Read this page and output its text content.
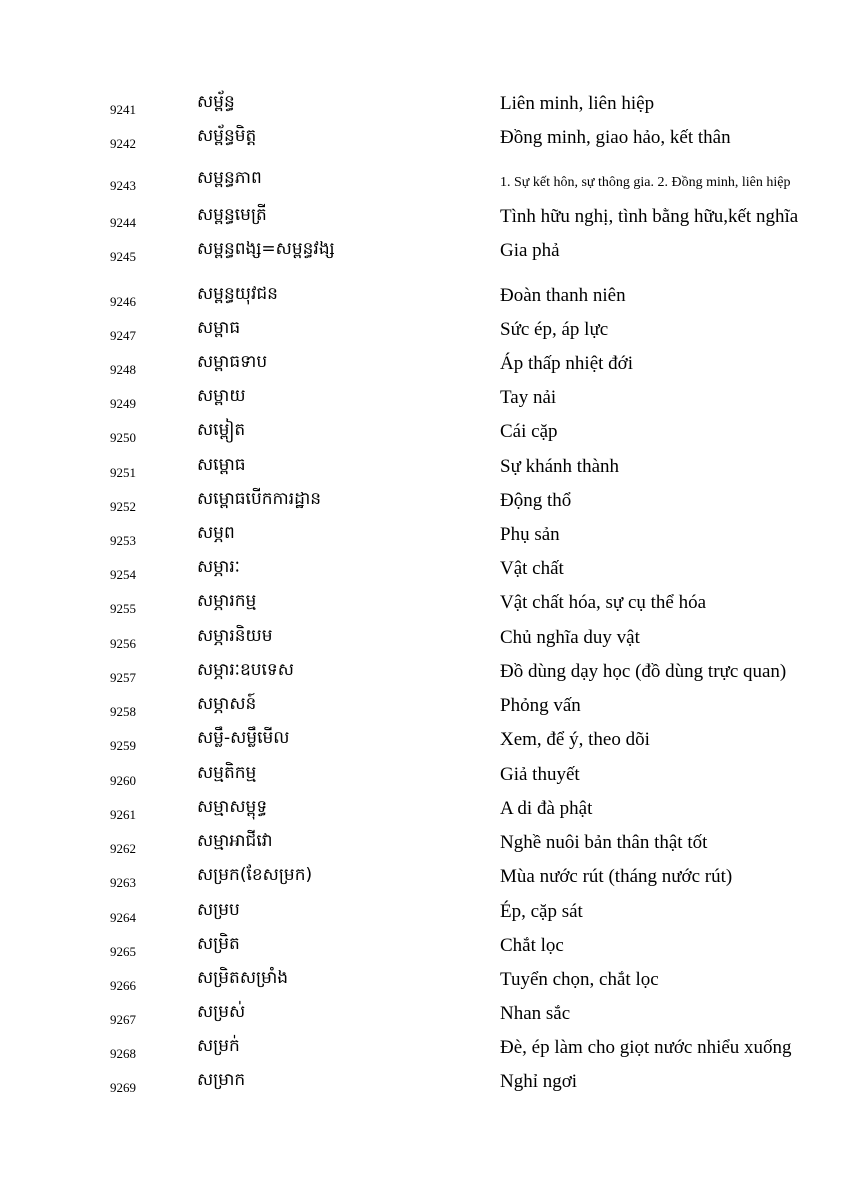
9241	សម្ព័ន្ធ	Liên minh, liên hiệp
9242	សម្ព័ន្ធមិត្ត	Đồng minh, giao hảo, kết thân
9243	សម្ពន្ធភាព	1. Sự kết hôn, sự thông gia. 2. Đồng minh, liên hiệp
9244	សម្ពន្ធមេត្រី	Tình hữu nghị, tình bằng hữu,kết nghĩa
9245	សម្ពន្ធពង្ស=សម្ពន្ធវង្ស	Gia phả
9246	សម្ពន្ធយុវជន	Đoàn thanh niên
9247	សម្ពាធ	Sức ép, áp lực
9248	សម្ពាធទាប	Áp thấp nhiệt đới
9249	សម្ពាយ	Tay nải
9250	សម្ពៀត	Cái cặp
9251	សម្ពោធ	Sự khánh thành
9252	សម្ពោធបើកការដ្ឋាន	Động thổ
9253	សម្ភព	Phụ sản
9254	សម្ភារៈ	Vật chất
9255	សម្ភារកម្ម	Vật chất hóa, sự cụ thể hóa
9256	សម្ភារនិយម	Chủ nghĩa duy vật
9257	សម្ភារៈឧបទេស	Đồ dùng dạy học (đồ dùng trực quan)
9258	សម្ភាសន៍	Phỏng vấn
9259	សម្លឹ-សម្លឹមើល	Xem, để ý, theo dõi
9260	សម្មតិកម្ម	Giả thuyết
9261	សម្មាសម្ពុទ្ធ	A di đà phật
9262	សម្មាអាជីវោ	Nghề nuôi bản thân thật tốt
9263	សម្រក(ខែសម្រក)	Mùa nước rút (tháng nước rút)
9264	សម្រប	Ép, cặp sát
9265	សម្រិត	Chắt lọc
9266	សម្រិតសម្រាំង	Tuyển chọn, chắt lọc
9267	សម្រស់	Nhan sắc
9268	សម្រក់	Đè, ép làm cho giọt nước nhiểu xuống
9269	សម្រាក	Nghỉ ngơi
